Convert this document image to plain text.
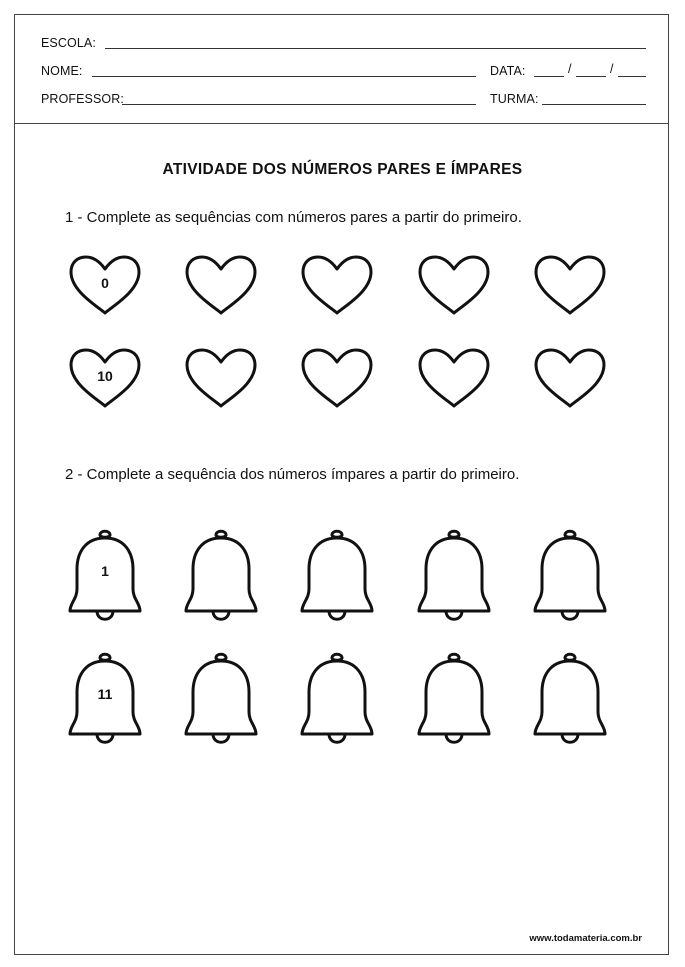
ESCOLA:
NOME:	DATA:	/	/
PROFESSOR:	TURMA:
ATIVIDADE DOS NÚMEROS PARES E ÍMPARES
1 - Complete as sequências com números pares a partir do primeiro.
0
10
2 - Complete a sequência dos números ímpares a partir do primeiro.
1
11
www.todamateria.com.br
